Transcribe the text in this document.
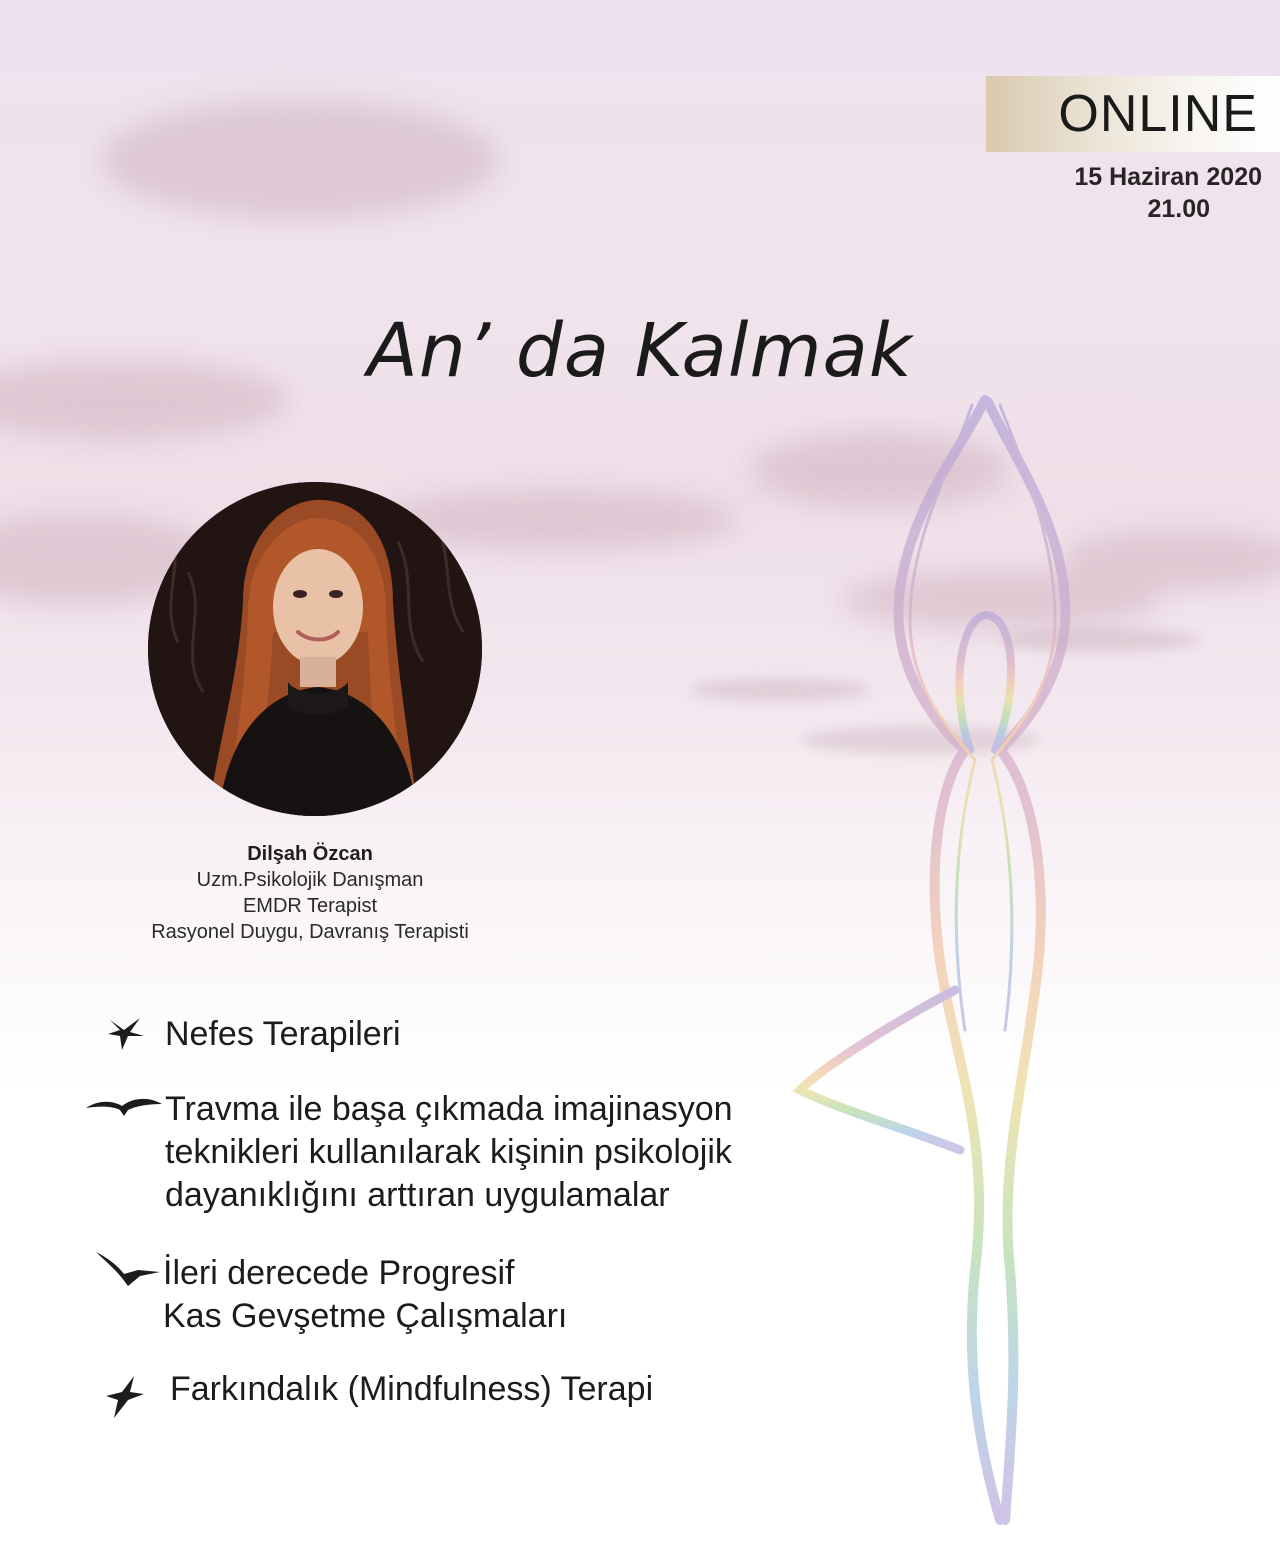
ONLINE
15 Haziran 2020
21.00
An’ da Kalmak
Dilşah Özcan
Uzm.Psikolojik Danışman
EMDR Terapist
Rasyonel Duygu, Davranış Terapisti
Nefes Terapileri
Travma ile başa çıkmada imajinasyon
teknikleri kullanılarak kişinin psikolojik
dayanıklığını arttıran uygulamalar
İleri derecede Progresif
Kas Gevşetme Çalışmaları
Farkındalık (Mindfulness) Terapi
